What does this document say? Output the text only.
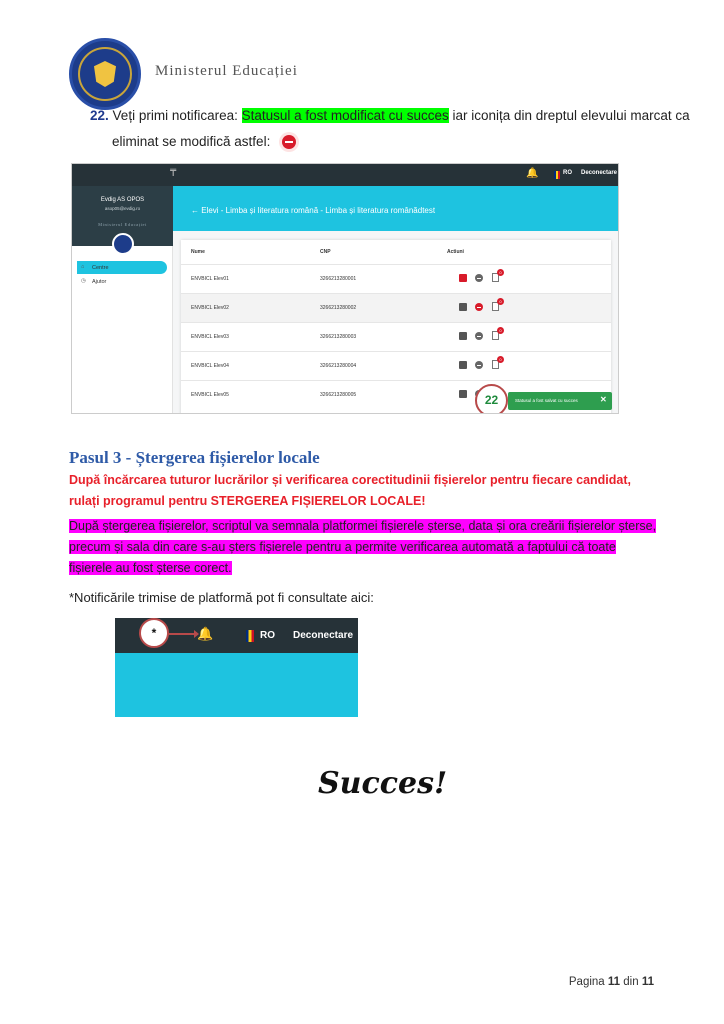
Ministerul Educației
22. Veți primi notificarea: Statusul a fost modificat cu succes iar iconița din dreptul elevului marcat ca
eliminat se modifică astfel:
₸	🔔	RO Deconectare
Evdig AS OPOS
asop05@evdig.ro
Ministerul Educației
⌂ Centre
◷ Ajutor
← Elevi - Limba și literatura română - Limba și literatura românădtest
Nume	CNP	Actiuni
ENVBICL Elev01	3266213280001
0
ENVBICL Elev02	3266213280002
0
ENVBICL Elev03	3266213280003
0
ENVBICL Elev04	3266213280004
0
ENVBICL Elev05	3266213280005	22	Statusul a fost salvat cu succes	✕
Pasul 3 - Ștergerea fișierelor locale
După încărcarea tuturor lucrărilor și verificarea corectitudinii fișierelor pentru fiecare candidat, rulați programul pentru STERGEREA FIȘIERELOR LOCALE!
După ștergerea fișierelor, scriptul va semnala platformei fișierele șterse, data și ora creării fișierelor șterse, precum și sala din care s-au șters fișierele pentru a permite verificarea automată a faptului că toate fișierele au fost șterse corect.
*Notificările trimise de platformă pot fi consultate aici:
*	🔔	RO Deconectare
Succes!
Pagina 11 din 11
